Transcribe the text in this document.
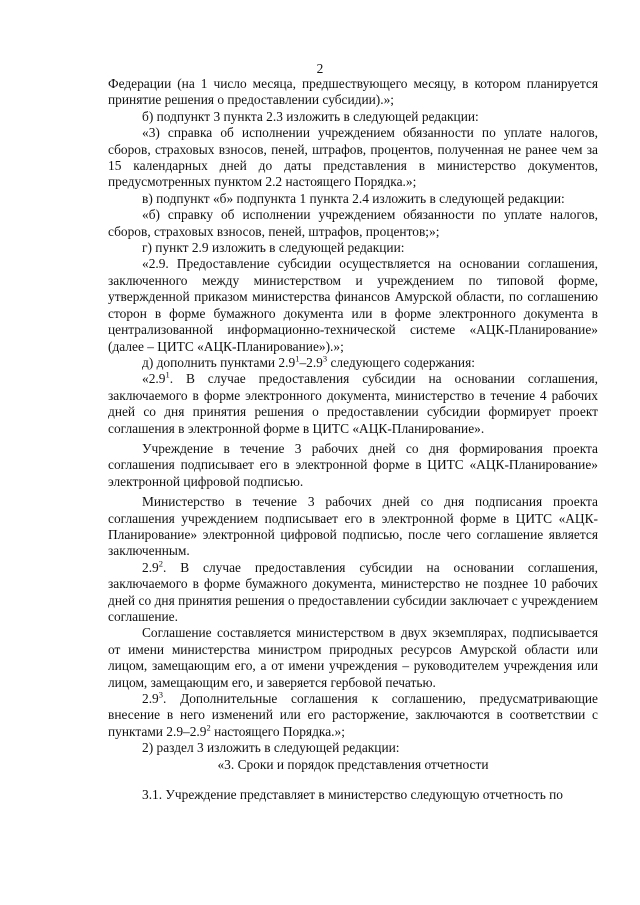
2

Федерации (на 1 число месяца, предшествующего месяцу, в котором планируется принятие решения о предоставлении субсидии).»;

б) подпункт 3 пункта 2.3 изложить в следующей редакции:

«3) справка об исполнении учреждением обязанности по уплате налогов, сборов, страховых взносов, пеней, штрафов, процентов, полученная не ранее чем за 15 календарных дней до даты представления в министерство документов, предусмотренных пунктом 2.2 настоящего Порядка.»;

в) подпункт «б» подпункта 1 пункта 2.4 изложить в следующей редакции:

«б) справку об исполнении учреждением обязанности по уплате налогов, сборов, страховых взносов, пеней, штрафов, процентов;»;

г) пункт 2.9 изложить в следующей редакции:

«2.9. Предоставление субсидии осуществляется на основании соглашения, заключенного между министерством и учреждением по типовой форме, утвержденной приказом министерства финансов Амурской области, по соглашению сторон в форме бумажного документа или в форме электронного документа в централизованной информационно-технической системе «АЦК-Планирование» (далее – ЦИТС «АЦК-Планирование»).»;

д) дополнить пунктами $2.9^1-2.9^3$ следующего содержания:

«$2.9^1$. В случае предоставления субсидии на основании соглашения, заключаемого в форме электронного документа, министерство в течение 4 рабочих дней со дня принятия решения о предоставлении субсидии формирует проект соглашения в электронной форме в ЦИТС «АЦК-Планирование».

Учреждение в течение 3 рабочих дней со дня формирования проекта соглашения подписывает его в электронной форме в ЦИТС «АЦК-Планирование» электронной цифровой подписью.

Министерство в течение 3 рабочих дней со дня подписания проекта соглашения учреждением подписывает его в электронной форме в ЦИТС «АЦК-Планирование» электронной цифровой подписью, после чего соглашение является заключенным.

$2.9^2$. В случае предоставления субсидии на основании соглашения, заключаемого в форме бумажного документа, министерство не позднее 10 рабочих дней со дня принятия решения о предоставлении субсидии заключает с учреждением соглашение.

Соглашение составляется министерством в двух экземплярах, подписывается от имени министерства министром природных ресурсов Амурской области или лицом, замещающим его, а от имени учреждения – руководителем учреждения или лицом, замещающим его, и заверяется гербовой печатью.

$2.9^3$. Дополнительные соглашения к соглашению, предусматривающие внесение в него изменений или его расторжение, заключаются в соответствии с пунктами $2.9-2.9^2$ настоящего Порядка.»;

2) раздел 3 изложить в следующей редакции:

«3. Сроки и порядок представления отчетности

3.1. Учреждение представляет в министерство следующую отчетность по
